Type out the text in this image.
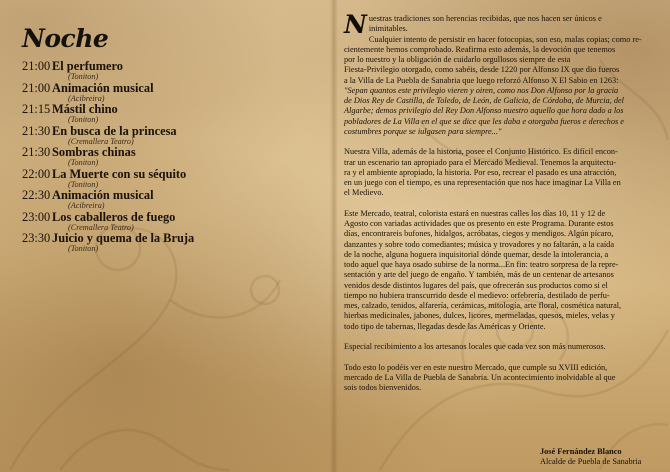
Noche
21:00 El perfumero
(Toniton)
21:00 Animación musical
(Acibreira)
21:15 Mástil chino
(Toniton)
21:30 En busca de la princesa
(Cremallera Teatro)
21:30 Sombras chinas
(Toniton)
22:00 La Muerte con su séquito
(Toniton)
22:30 Animación musical
(Acibreira)
23:00 Los caballeros de fuego
(Cremallera Teatro)
23:30 Juicio y quema de la Bruja
(Toniton)

N uestras tradiciones son herencias recibidas, que nos hacen ser únicos e
inimitables.

Cualquier intento de persistir en hacer fotocopias, son eso, malas copias; como re-
cientemente hemos comprobado. Reafirma esto además, la devoción que tenemos
por lo nuestro y la obligación de cuidarlo orgullosos siempre de esta
Fiesta-Privilegio otorgado, como sabéis, desde 1220 por Alfonso IX que dio fueros
a la Villa de La Puebla de Sanabria que luego reforzó Alfonso X El Sabio en 1263:
"Sepan quantos este privilegio vieren y oiren, como nos Don Alfonso por la gracia
de Dios Rey de Castilla, de Toledo, de León, de Galicia, de Córdoba, de Murcia, del
Algarbe; demos privilegio del Rey Don Alfonso nuestro aquello que hora dado a los
pobladores de La Villa en el que se dice que les daba e otorgaba fueros e derechos e
costumbres porque se iulgasen para siempre..."
Nuestra Villa, además de la historia, posee el Conjunto Histórico. Es difícil encon-
trar un escenario tan apropiado para el Mercado Medieval. Tenemos la arquitectu-
ra y el ambiente apropiado, la historia. Por eso, recrear el pasado es una atracción,
en un juego con el tiempo, es una representación que nos hace imaginar La Villa en
el Medievo.
Este Mercado, teatral, colorista estará en nuestras calles los días 10, 11 y 12 de
Agosto con variadas actividades que os presento en este Programa. Durante estos
días, encontrareis bufones, hidalgos, acróbatas, ciegos y mendigos. Algún pícaro,
danzantes y sobre todo comediantes; música y trovadores y no faltarán, a la caída
de la noche, alguna hoguera inquisitorial dónde quemar, desde la intolerancia, a
todo aquel que haya osado subirse de la norma...En fin: teatro sorpresa de la repre-
sentación y arte del juego de engaño. Y también, más de un centenar de artesanos
venidos desde distintos lugares del país, que ofrecerán sus productos como si el
tiempo no hubiera transcurrido desde el medievo: orfebrería, destilado de perfu-
mes, calzado, tenidos, alfarería, cerámicas, mitología, arte floral, cosmética natural,
hierbas medicinales, jabones, dulces, licores, mermeladas, quesos, mieles, velas y
todo tipo de tabernas, llegadas desde las Américas y Oriente.
Especial recibimiento a los artesanos locales que cada vez son más numerosos.
Todo esto lo podéis ver en este nuestro Mercado, que cumple su XVIII edición,
mercado de La Villa de Puebla de Sanabria. Un acontecimiento inolvidable al que
sois todos bienvenidos.
José Fernández Blanco
Alcalde de Puebla de Sanabria
